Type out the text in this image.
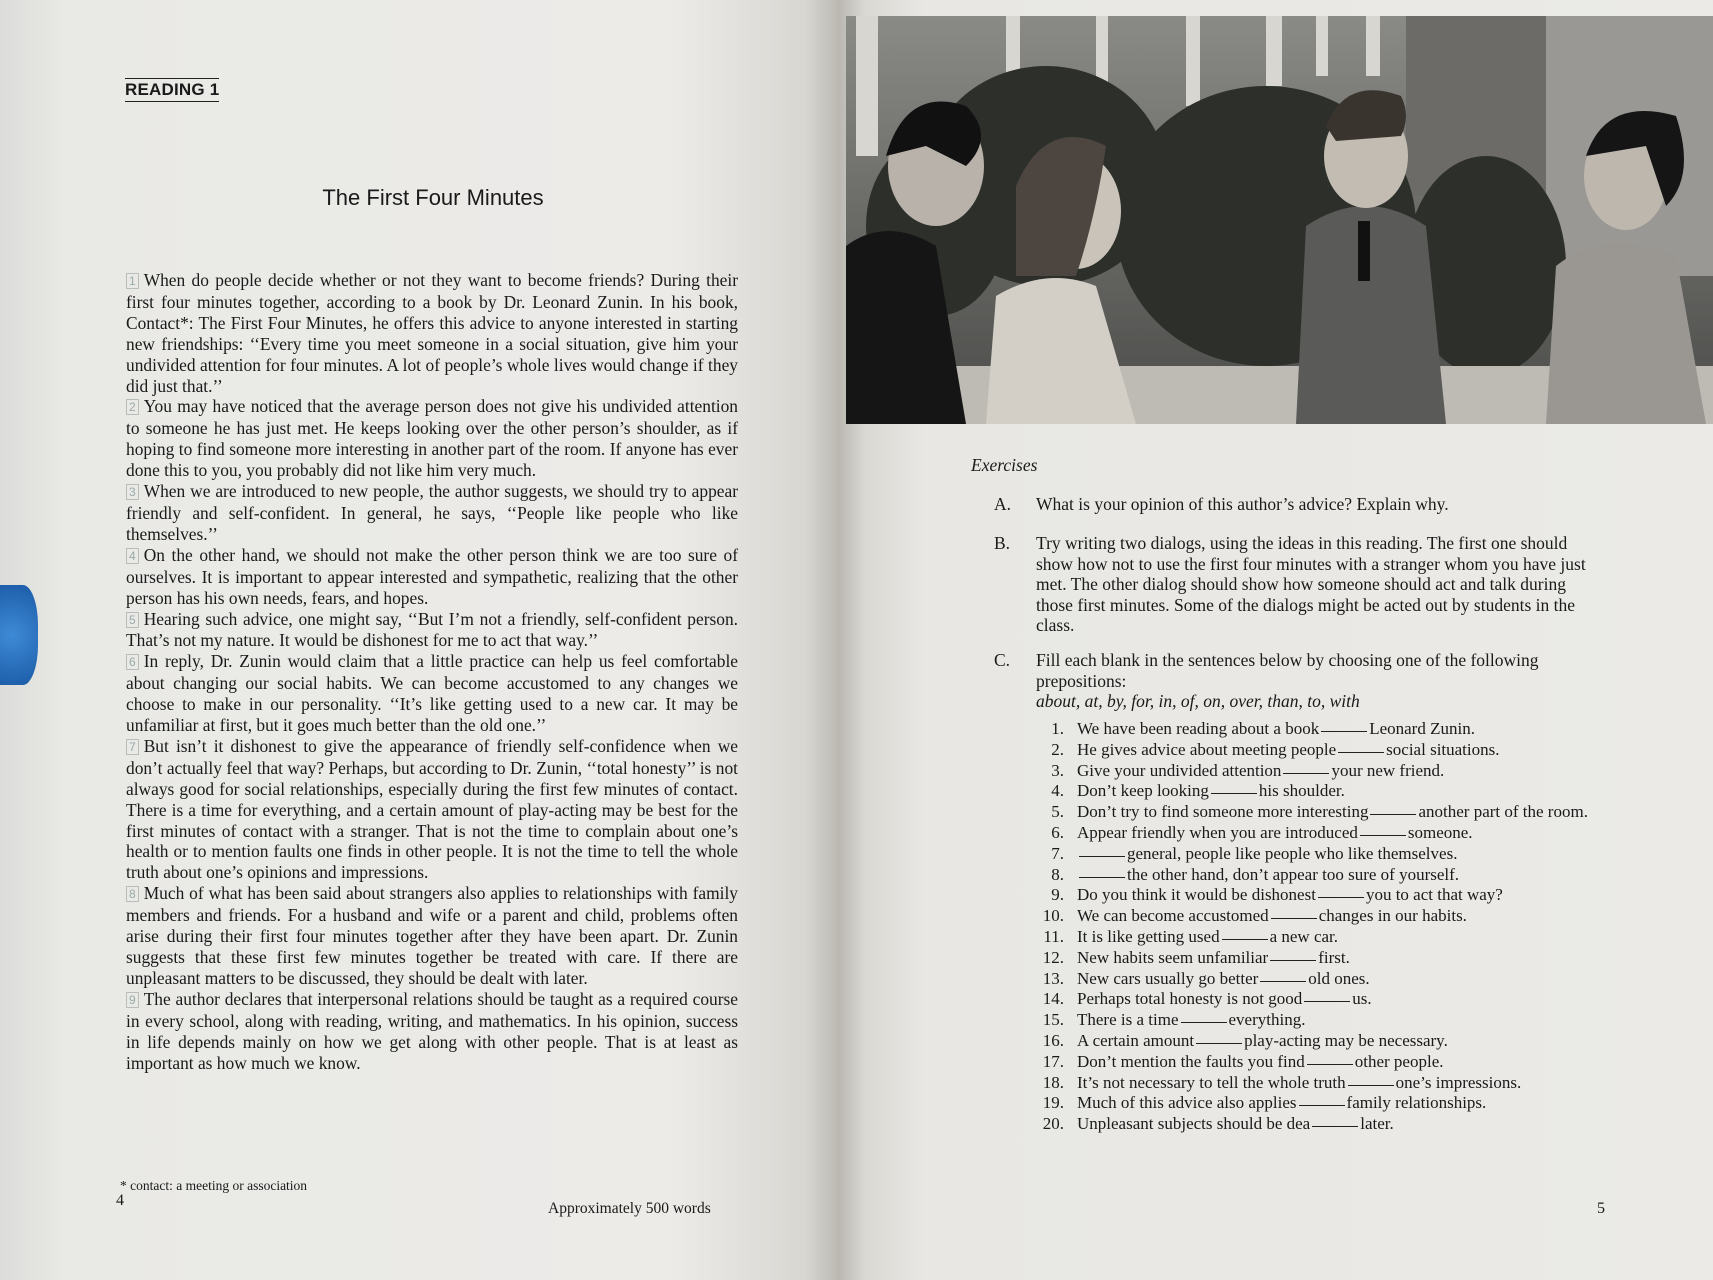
READING 1
The First Four Minutes

1 When do people decide whether or not they want to become friends? During their first four minutes together, according to a book by Dr. Leonard Zunin. In his book, Contact*: The First Four Minutes, he offers this advice to anyone interested in starting new friendships: ‘‘Every time you meet someone in a social situation, give him your undivided attention for four minutes. A lot of people’s whole lives would change if they did just that.’’

2 You may have noticed that the average person does not give his undivided attention to someone he has just met. He keeps looking over the other person’s shoulder, as if hoping to find someone more interesting in another part of the room. If anyone has ever done this to you, you probably did not like him very much.

3 When we are introduced to new people, the author suggests, we should try to appear friendly and self-confident. In general, he says, ‘‘People like people who like themselves.’’

4 On the other hand, we should not make the other person think we are too sure of ourselves. It is important to appear interested and sympathetic, realizing that the other person has his own needs, fears, and hopes.

5 Hearing such advice, one might say, ‘‘But I’m not a friendly, self-confident person. That’s not my nature. It would be dishonest for me to act that way.’’

6 In reply, Dr. Zunin would claim that a little practice can help us feel comfortable about changing our social habits. We can become accustomed to any changes we choose to make in our personality. ‘‘It’s like getting used to a new car. It may be unfamiliar at first, but it goes much better than the old one.’’

7 But isn’t it dishonest to give the appearance of friendly self-confidence when we don’t actually feel that way? Perhaps, but according to Dr. Zunin, ‘‘total honesty’’ is not always good for social relationships, especially during the first few minutes of contact. There is a time for everything, and a certain amount of play-acting may be best for the first minutes of contact with a stranger. That is not the time to complain about one’s health or to mention faults one finds in other people. It is not the time to tell the whole truth about one’s opinions and impressions.

8 Much of what has been said about strangers also applies to relationships with family members and friends. For a husband and wife or a parent and child, problems often arise during their first four minutes together after they have been apart. Dr. Zunin suggests that these first few minutes together be treated with care. If there are unpleasant matters to be discussed, they should be dealt with later.

9 The author declares that interpersonal relations should be taught as a required course in every school, along with reading, writing, and mathematics. In his opinion, success in life depends mainly on how we get along with other people. That is at least as important as how much we know.

* contact: a meeting or association
4	Approximately 500 words
Exercises
A. What is your opinion of this author’s advice? Explain why.
B. Try writing two dialogs, using the ideas in this reading. The first one should show how not to use the first four minutes with a stranger whom you have just met. The other dialog should show how someone should act and talk during those first minutes. Some of the dialogs might be acted out by students in the class.
C. Fill each blank in the sentences below by choosing one of the following prepositions:
about, at, by, for, in, of, on, over, than, to, with
1. We have been reading about a book	Leonard Zunin.
2. He gives advice about meeting people	social situations.
3. Give your undivided attention	your new friend.
4. Don’t keep looking	his shoulder.
5. Don’t try to find someone more interesting	another part of the room.
6. Appear friendly when you are introduced	someone.
7.	general, people like people who like themselves.
8.	the other hand, don’t appear too sure of yourself.
9. Do you think it would be dishonest	you to act that way?
10. We can become accustomed	changes in our habits.
11. It is like getting used	a new car.
12. New habits seem unfamiliar	first.
13. New cars usually go better	old ones.
14. Perhaps total honesty is not good	us.
15. There is a time	everything.
16. A certain amount	play-acting may be necessary.
17. Don’t mention the faults you find	other people.
18. It’s not necessary to tell the whole truth	one’s impressions.
19. Much of this advice also applies	family relationships.
20. Unpleasant subjects should be dea	later.
5
